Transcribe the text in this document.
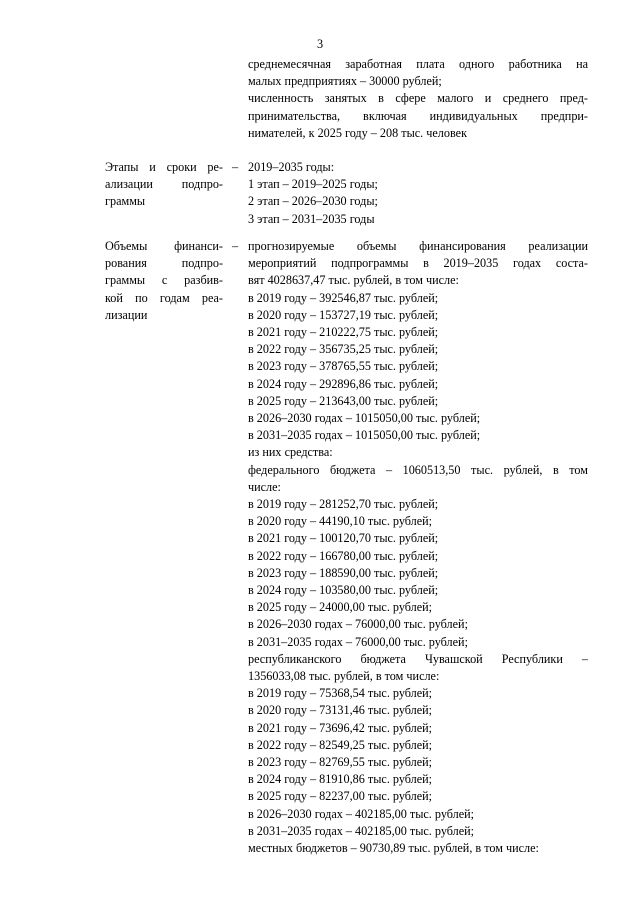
3
среднемесячная заработная плата одного работника на
малых предприятиях – 30000 рублей;
численность занятых в сфере малого и среднего пред-
принимательства, включая индивидуальных предпри-
нимателей, к 2025 году – 208 тыс. человек
Этапы и сроки ре-
ализации подпро-
граммы
– 2019–2035 годы:
1 этап – 2019–2025 годы;
2 этап – 2026–2030 годы;
3 этап – 2031–2035 годы
Объемы финанси-
рования подпро-
граммы с разбив-
кой по годам реа-
лизации
– прогнозируемые объемы финансирования реализации
мероприятий подпрограммы в 2019–2035 годах соста-
вят 4028637,47 тыс. рублей, в том числе:
в 2019 году – 392546,87 тыс. рублей;
в 2020 году – 153727,19 тыс. рублей;
в 2021 году – 210222,75 тыс. рублей;
в 2022 году – 356735,25 тыс. рублей;
в 2023 году – 378765,55 тыс. рублей;
в 2024 году – 292896,86 тыс. рублей;
в 2025 году – 213643,00 тыс. рублей;
в 2026–2030 годах – 1015050,00 тыс. рублей;
в 2031–2035 годах – 1015050,00 тыс. рублей;
из них средства:
федерального бюджета – 1060513,50 тыс. рублей, в том
числе:
в 2019 году – 281252,70 тыс. рублей;
в 2020 году – 44190,10 тыс. рублей;
в 2021 году – 100120,70 тыс. рублей;
в 2022 году – 166780,00 тыс. рублей;
в 2023 году – 188590,00 тыс. рублей;
в 2024 году – 103580,00 тыс. рублей;
в 2025 году – 24000,00 тыс. рублей;
в 2026–2030 годах – 76000,00 тыс. рублей;
в 2031–2035 годах – 76000,00 тыс. рублей;
республиканского бюджета Чувашской Республики –
1356033,08 тыс. рублей, в том числе:
в 2019 году – 75368,54 тыс. рублей;
в 2020 году – 73131,46 тыс. рублей;
в 2021 году – 73696,42 тыс. рублей;
в 2022 году – 82549,25 тыс. рублей;
в 2023 году – 82769,55 тыс. рублей;
в 2024 году – 81910,86 тыс. рублей;
в 2025 году – 82237,00 тыс. рублей;
в 2026–2030 годах – 402185,00 тыс. рублей;
в 2031–2035 годах – 402185,00 тыс. рублей;
местных бюджетов – 90730,89 тыс. рублей, в том числе:
